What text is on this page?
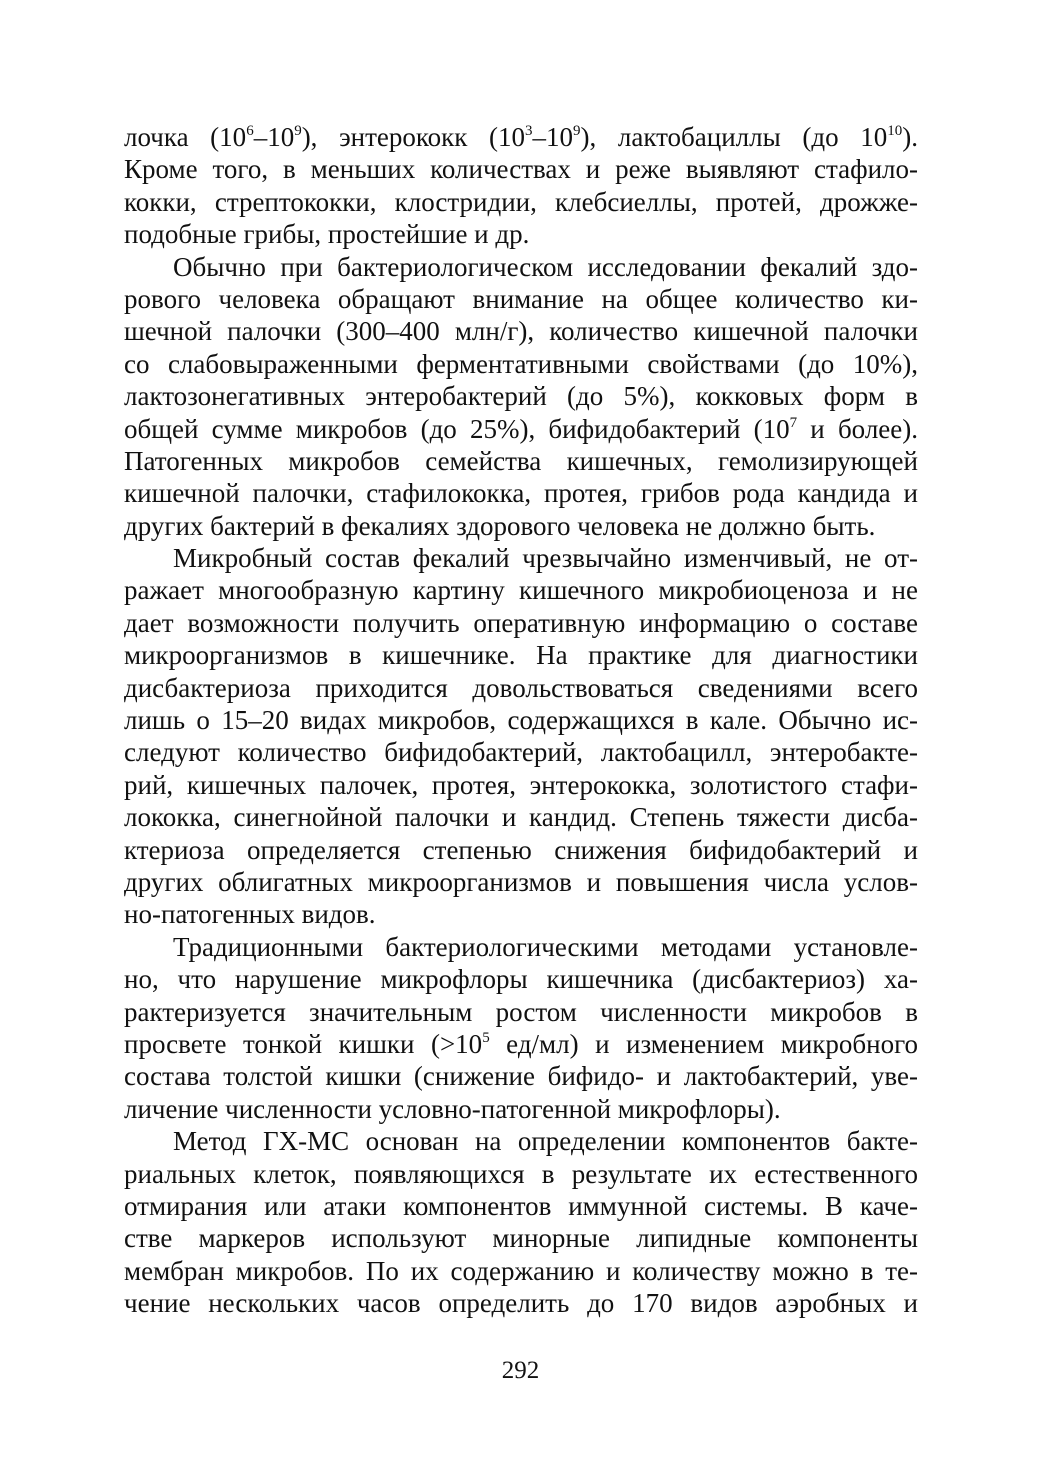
лочка $(10^6-10^9)$, энтерококк $(10^3-10^9)$, лактобациллы (до $10^{10}$).
Кроме того, в меньших количествах и реже выявляют стафило-
кокки, стрептококки, клостридии, клебсиеллы, протей, дрожже-
подобные грибы, простейшие и др.
Обычно при бактериологическом исследовании фекалий здо-
рового человека обращают внимание на общее количество ки-
шечной палочки (300–400 млн/г), количество кишечной палочки
со слабовыраженными ферментативными свойствами (до 10%),
лактозонегативных энтеробактерий (до 5%), кокковых форм в
общей сумме микробов (до 25%), бифидобактерий ($10^7$ и более).
Патогенных микробов семейства кишечных, гемолизирующей
кишечной палочки, стафилококка, протея, грибов рода кандида и
других бактерий в фекалиях здорового человека не должно быть.
Микробный состав фекалий чрезвычайно изменчивый, не от-
ражает многообразную картину кишечного микробиоценоза и не
дает возможности получить оперативную информацию о составе
микроорганизмов в кишечнике. На практике для диагностики
дисбактериоза приходится довольствоваться сведениями всего
лишь о 15–20 видах микробов, содержащихся в кале. Обычно ис-
следуют количество бифидобактерий, лактобацилл, энтеробакте-
рий, кишечных палочек, протея, энтерококка, золотистого стафи-
лококка, синегнойной палочки и кандид. Степень тяжести дисба-
ктериоза определяется степенью снижения бифидобактерий и
других облигатных микроорганизмов и повышения числа услов-
но-патогенных видов.
Традиционными бактериологическими методами установле-
но, что нарушение микрофлоры кишечника (дисбактериоз) ха-
рактеризуется значительным ростом численности микробов в
просвете тонкой кишки ($>10^5$ ед/мл) и изменением микробного
состава толстой кишки (снижение бифидо- и лактобактерий, уве-
личение численности условно-патогенной микрофлоры).
Метод ГХ-МС основан на определении компонентов бакте-
риальных клеток, появляющихся в результате их естественного
отмирания или атаки компонентов иммунной системы. В каче-
стве маркеров используют минорные липидные компоненты
мембран микробов. По их содержанию и количеству можно в те-
чение нескольких часов определить до 170 видов аэробных и
292
